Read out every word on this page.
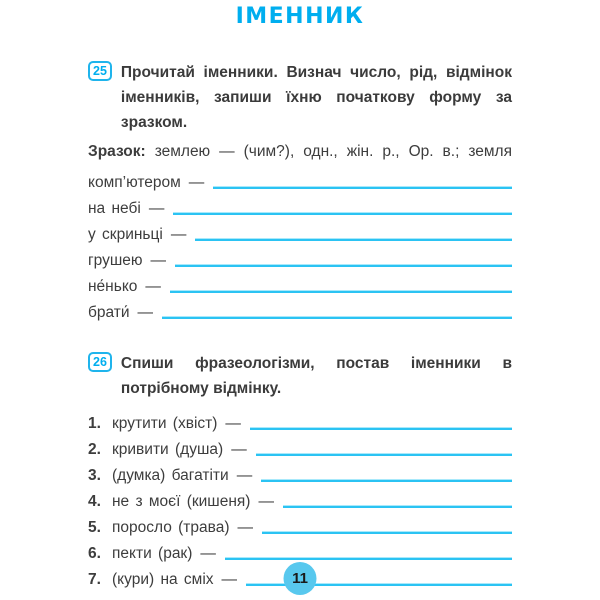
ІМЕННИК
25 Прочитай іменники. Визнач число, рід, відмінок іменників, запиши їхню початкову форму за зразком.

Зразок: землею — (чим?), одн., жін. р., Ор. в.; земля

комп’ютером —
на небі —
у скриньці —
грушею —
не́нько —
брати́ —
26 Спиши фразеологізми, постав іменники в потрібному відмінку.

1. крутити (хвіст) —
2. кривити (душа) —
3. (думка) багатіти —
4. не з моєї (кишеня) —
5. поросло (трава) —
6. пекти (рак) —
7. (кури) на сміх —	11
